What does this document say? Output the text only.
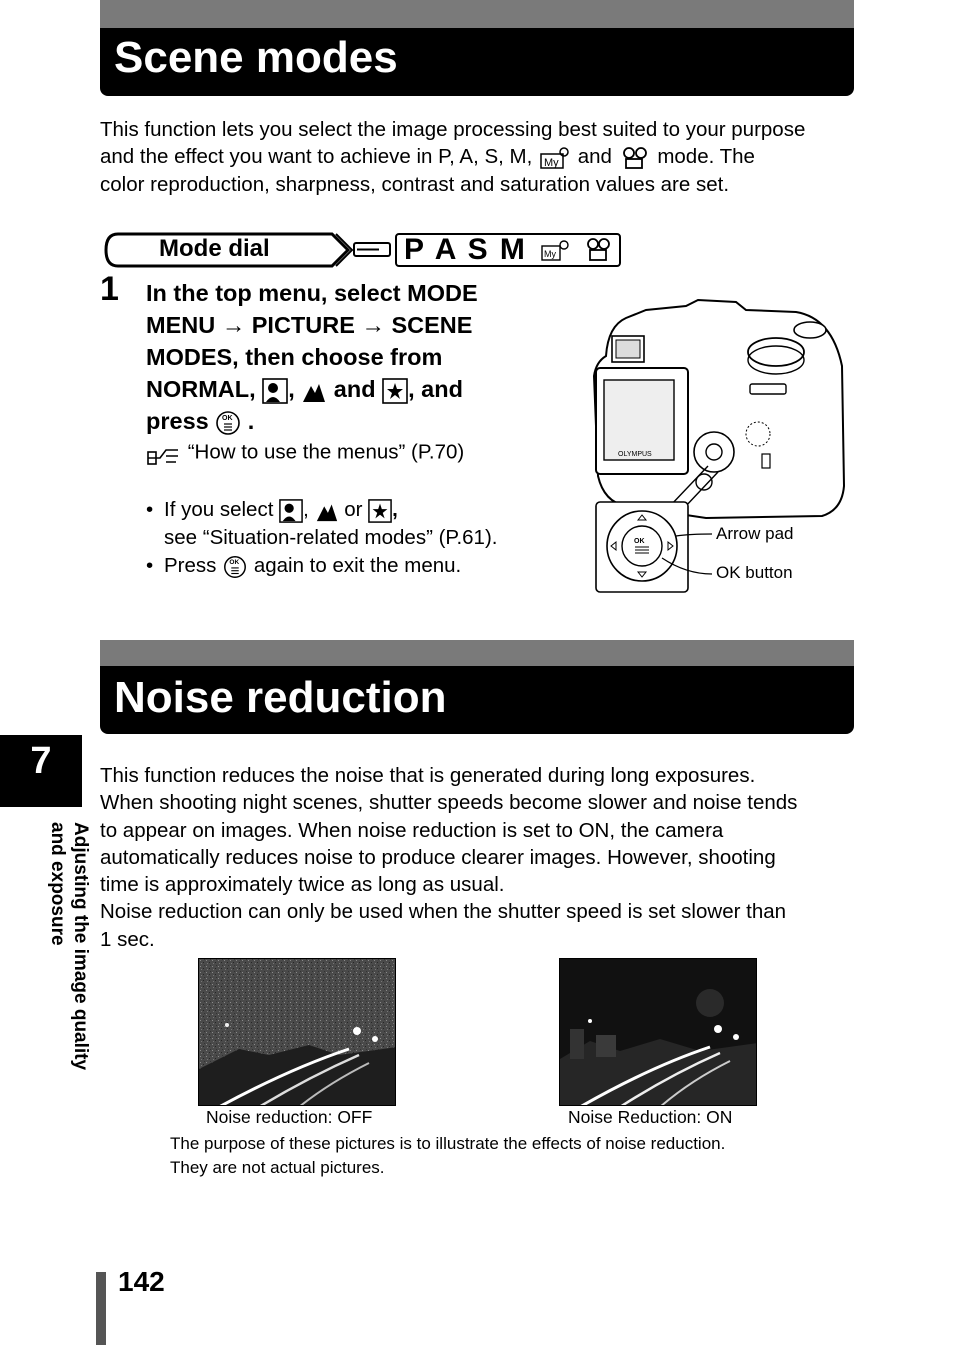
Scene modes
This function lets you select the image processing best suited to your purpose
and the effect you want to achieve in P, A, S, M, My and mode. The
color reproduction, sharpness, contrast and saturation values are set.
My
Mode dial	P A S M
1 In the top menu, select MODE
MENU → PICTURE → SCENE
MODES, then choose from
NORMAL, , and , and
press OK .
“How to use the menus” (P.70)
• If you select , or ,
see “Situation-related modes” (P.61).
• Press OK again to exit the menu.
OLYMPUS
OK	Arrow pad
OK button
Noise reduction
This function reduces the noise that is generated during long exposures.
When shooting night scenes, shutter speeds become slower and noise tends
to appear on images. When noise reduction is set to ON, the camera
automatically reduces noise to produce clearer images. However, shooting
time is approximately twice as long as usual.
Noise reduction can only be used when the shutter speed is set slower than
1 sec.
Noise reduction: OFF	Noise Reduction: ON
The purpose of these pictures is to illustrate the effects of noise reduction.
They are not actual pictures.
7
Adjusting the image quality
and exposure
142
